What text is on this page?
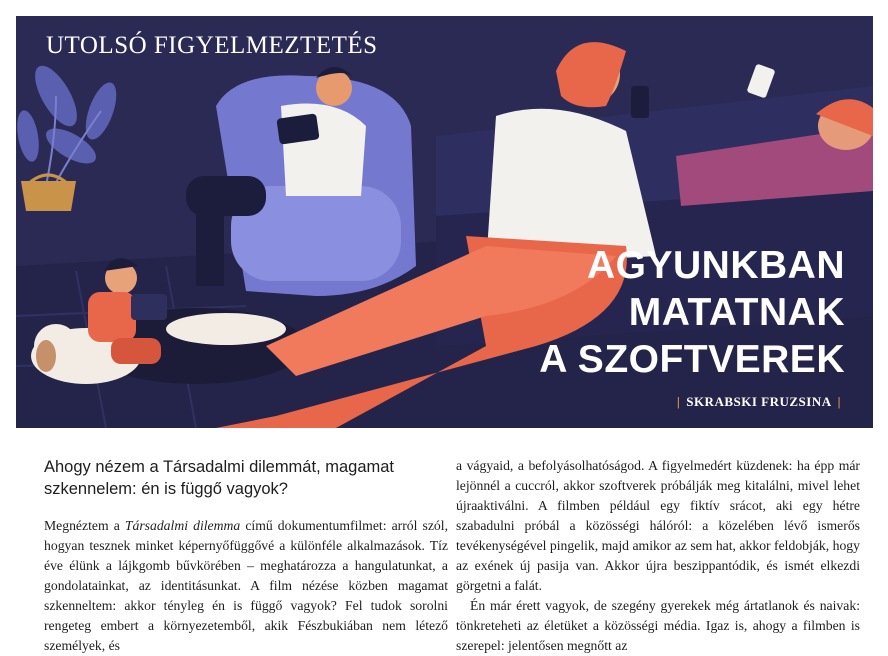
UTOLSÓ FIGYELMEZTETÉS
AGYUNKBAN
MATATNAK
A SZOFTVEREK
| SKRABSKI FRUZSINA |
Ahogy nézem a Társadalmi dilemmát, magamat szkennelem: én is függő vagyok?

Megnéztem a Társadalmi dilemma című dokumentumfilmet: arról szól, hogyan tesznek minket képernyőfüggővé a különféle alkalmazások. Tíz éve élünk a lájkgomb bűvkörében – meghatározza a hangulatunkat, a gondolatainkat, az identitásunkat. A film nézése közben magamat szkenneltem: akkor tényleg én is függő vagyok? Fel tudok sorolni rengeteg embert a környezetemből, akik Fészbukiában nem létező személyek, és

a vágyaid, a befolyásolhatóságod. A figyelmedért küzdenek: ha épp már lejönnél a cuccról, akkor szoftverek próbálják meg kitalálni, mivel lehet újraaktiválni. A filmben például egy fiktív srácot, aki egy hétre szabadulni próbál a közösségi hálóról: a közelében lévő ismerős tevékenységével pingelik, majd amikor az sem hat, akkor feldobják, hogy az exének új pasija van. Akkor újra beszippantódik, és ismét elkezdi görgetni a falát.

Én már érett vagyok, de szegény gyerekek még ártatlanok és naivak: tönkreteheti az életüket a közösségi média. Igaz is, ahogy a filmben is szerepel: jelentősen megnőtt az
